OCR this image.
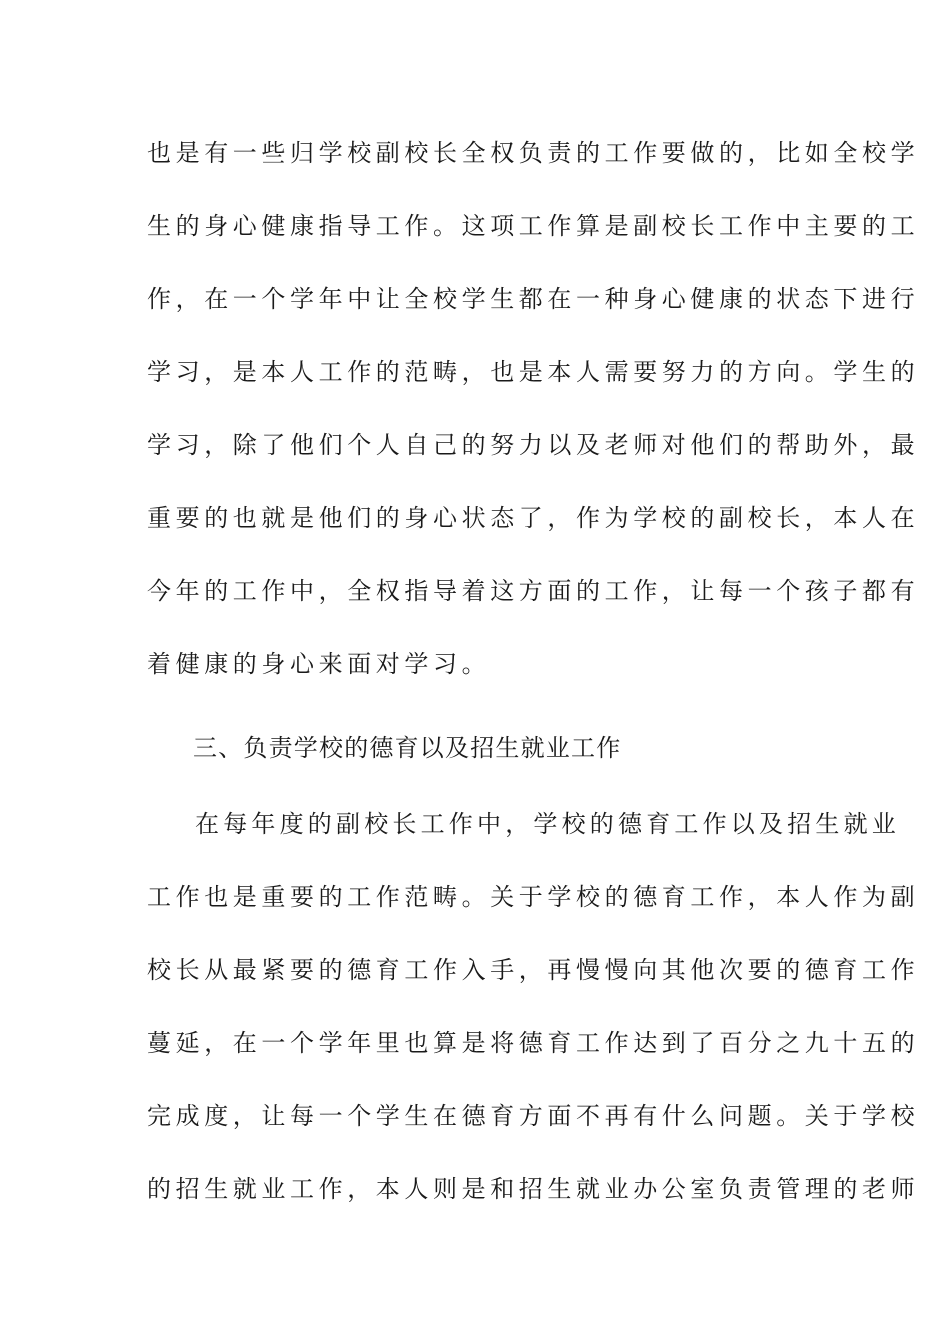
也是有一些归学校副校长全权负责的工作要做的，比如全校学
生的身心健康指导工作。这项工作算是副校长工作中主要的工
作，在一个学年中让全校学生都在一种身心健康的状态下进行
学习，是本人工作的范畴，也是本人需要努力的方向。学生的
学习，除了他们个人自己的努力以及老师对他们的帮助外，最
重要的也就是他们的身心状态了，作为学校的副校长，本人在
今年的工作中，全权指导着这方面的工作，让每一个孩子都有
着健康的身心来面对学习。
三、负责学校的德育以及招生就业工作
在每年度的副校长工作中，学校的德育工作以及招生就业
工作也是重要的工作范畴。关于学校的德育工作，本人作为副
校长从最紧要的德育工作入手，再慢慢向其他次要的德育工作
蔓延，在一个学年里也算是将德育工作达到了百分之九十五的
完成度，让每一个学生在德育方面不再有什么问题。关于学校
的招生就业工作，本人则是和招生就业办公室负责管理的老师
